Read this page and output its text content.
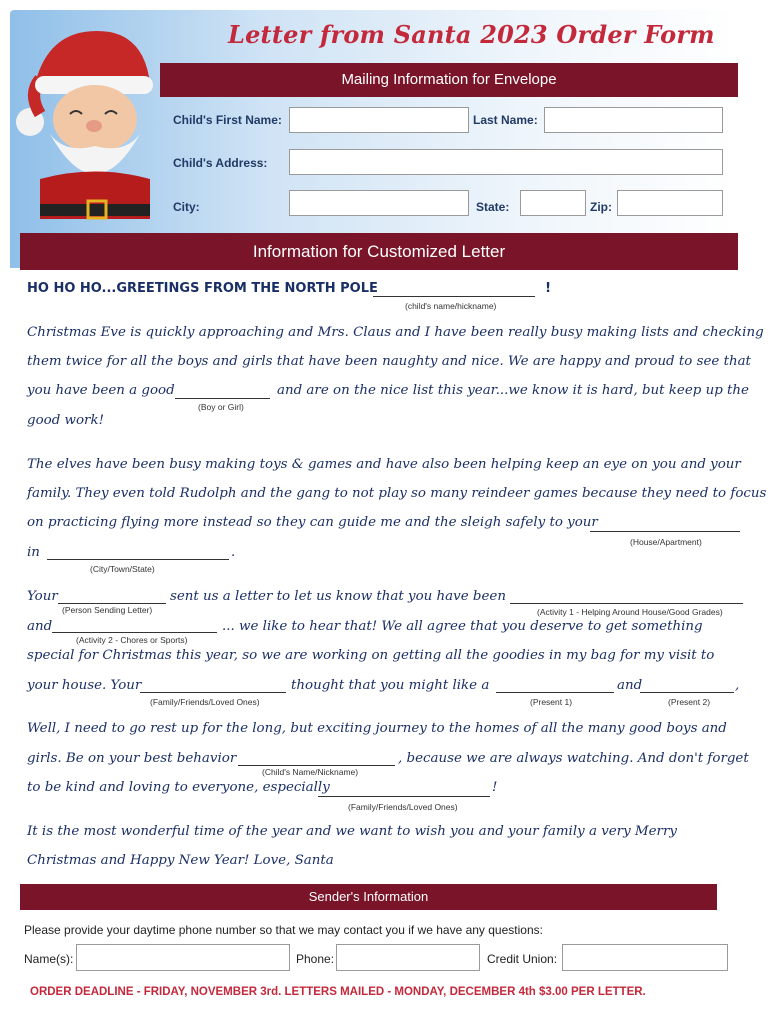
Letter from Santa 2023 Order Form
Mailing Information for Envelope
Child's First Name:	Last Name:
Child's Address:
City:	State:	Zip:
Information for Customized Letter
HO HO HO...GREETINGS FROM THE NORTH POLE	!
(child's name/hickname)
Christmas Eve is quickly approaching and Mrs. Claus and I have been really busy making lists and checking
them twice for all the boys and girls that have been naughty and nice. We are happy and proud to see that
you have been a good	and are on the nice list this year...we know it is hard, but keep up the
(Boy or Girl)
good work!
The elves have been busy making toys & games and have also been helping keep an eye on you and your
family. They even told Rudolph and the gang to not play so many reindeer games because they need to focus
on practicing flying more instead so they can guide me and the sleigh safely to your
(House/Apartment)
in	.
(City/Town/State)
Your	sent us a letter to let us know that you have been
(Person Sending Letter)	(Activity 1 - Helping Around House/Good Grades)
and	... we like to hear that! We all agree that you deserve to get something
(Activity 2 - Chores or Sports)
special for Christmas this year, so we are working on getting all the goodies in my bag for my visit to
your house. Your	thought that you might like a	and	,
(Family/Friends/Loved Ones)	(Present 1)	(Present 2)
Well, I need to go rest up for the long, but exciting journey to the homes of all the many good boys and
girls. Be on your best behavior	, because we are always watching. And don't forget
(Child's Name/Nickname)
to be kind and loving to everyone, especially	!
(Family/Friends/Loved Ones)
It is the most wonderful time of the year and we want to wish you and your family a very Merry
Christmas and Happy New Year! Love, Santa
Sender's Information
Please provide your daytime phone number so that we may contact you if we have any questions:
Name(s):	Phone:	Credit Union:
ORDER DEADLINE - FRIDAY, NOVEMBER 3rd. LETTERS MAILED - MONDAY, DECEMBER 4th $3.00 PER LETTER.
